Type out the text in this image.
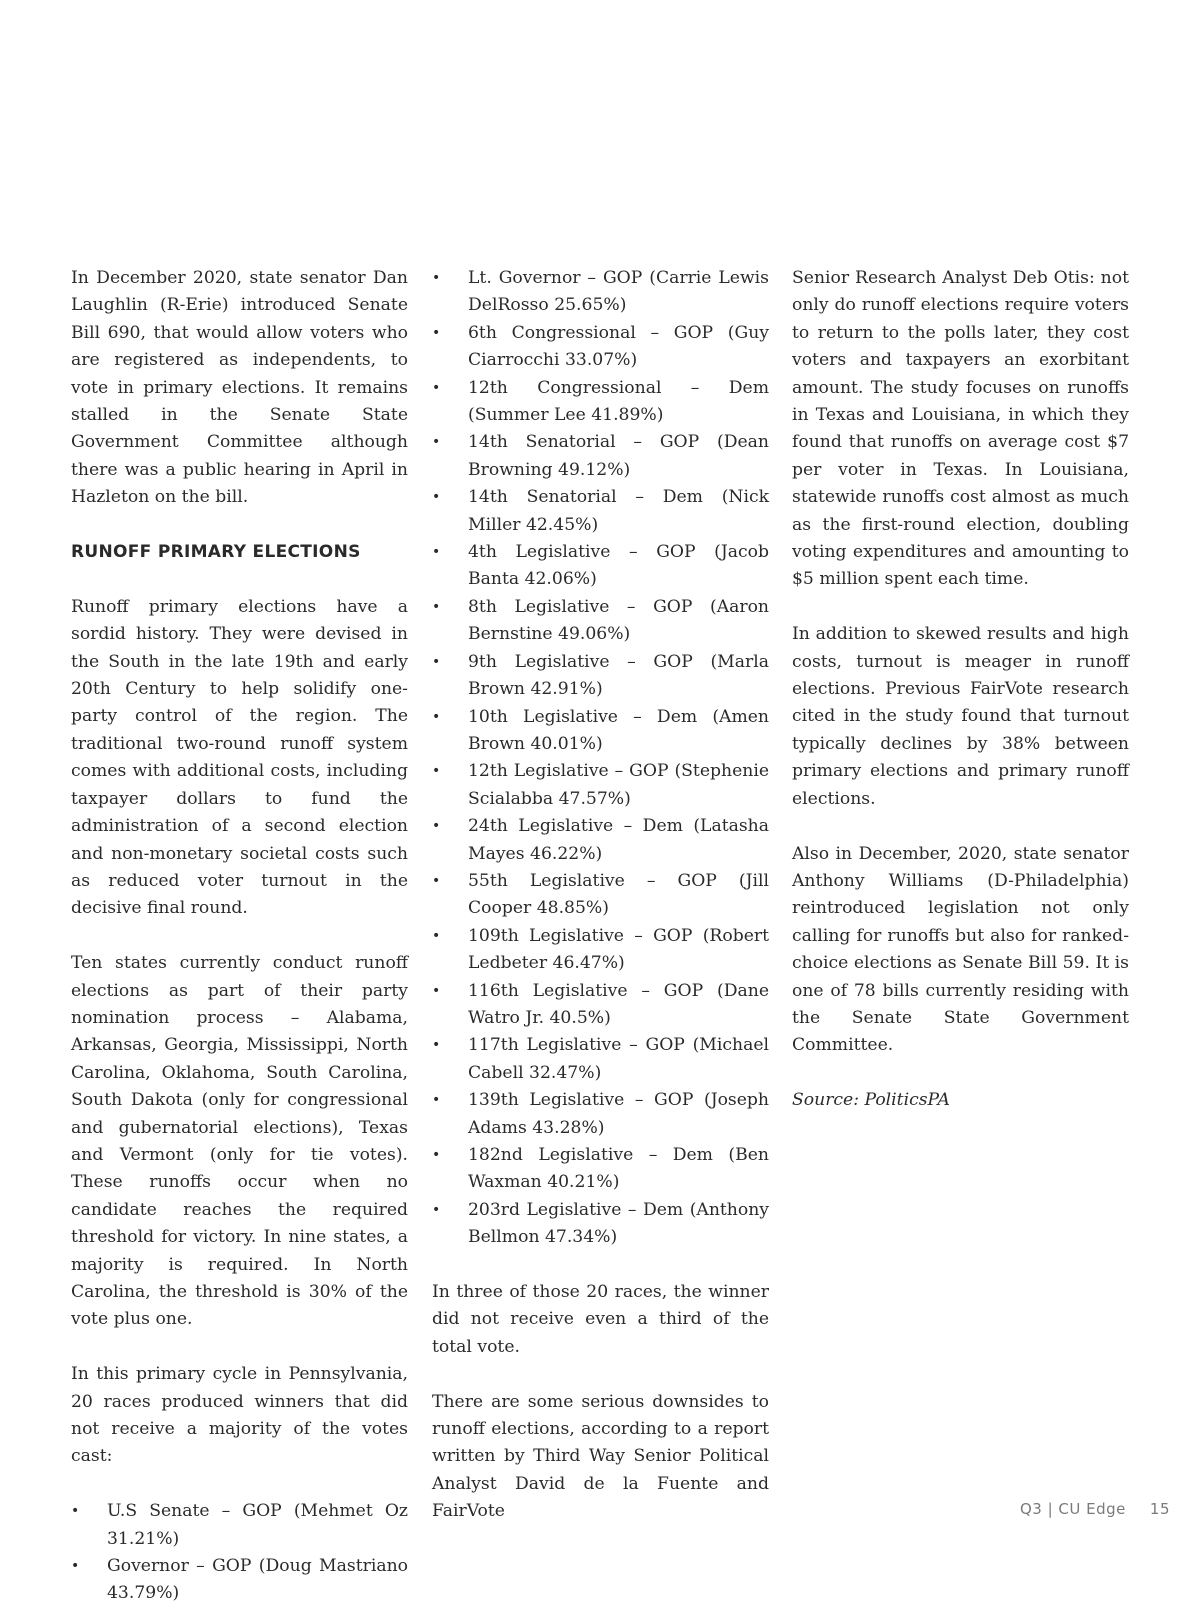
In December 2020, state senator Dan Laughlin (R-Erie) introduced Senate Bill 690, that would allow voters who are registered as independents, to vote in primary elections. It remains stalled in the Senate State Government Committee although there was a public hearing in April in Hazleton on the bill.

RUNOFF PRIMARY ELECTIONS

Runoff primary elections have a sordid history. They were devised in the South in the late 19th and early 20th Century to help solidify one-party control of the region. The traditional two-round runoff system comes with additional costs, including taxpayer dollars to fund the administration of a second election and non-monetary societal costs such as reduced voter turnout in the decisive final round.

Ten states currently conduct runoff elections as part of their party nomination process – Alabama, Arkansas, Georgia, Mississippi, North Carolina, Oklahoma, South Carolina, South Dakota (only for congressional and gubernatorial elections), Texas and Vermont (only for tie votes). These runoffs occur when no candidate reaches the required threshold for victory. In nine states, a majority is required. In North Carolina, the threshold is 30% of the vote plus one.

In this primary cycle in Pennsylvania, 20 races produced winners that did not receive a majority of the votes cast:

• U.S Senate – GOP (Mehmet Oz 31.21%)
• Governor – GOP (Doug Mastriano 43.79%)
• Lt. Governor – GOP (Carrie Lewis DelRosso 25.65%)
• 6th Congressional – GOP (Guy Ciarrocchi 33.07%)
• 12th Congressional – Dem (Summer Lee 41.89%)
• 14th Senatorial – GOP (Dean Browning 49.12%)
• 14th Senatorial – Dem (Nick Miller 42.45%)
• 4th Legislative – GOP (Jacob Banta 42.06%)
• 8th Legislative – GOP (Aaron Bernstine 49.06%)
• 9th Legislative – GOP (Marla Brown 42.91%)
• 10th Legislative – Dem (Amen Brown 40.01%)
• 12th Legislative – GOP (Stephenie Scialabba 47.57%)
• 24th Legislative – Dem (Latasha Mayes 46.22%)
• 55th Legislative – GOP (Jill Cooper 48.85%)
• 109th Legislative – GOP (Robert Ledbeter 46.47%)
• 116th Legislative – GOP (Dane Watro Jr. 40.5%)
• 117th Legislative – GOP (Michael Cabell 32.47%)
• 139th Legislative – GOP (Joseph Adams 43.28%)
• 182nd Legislative – Dem (Ben Waxman 40.21%)
• 203rd Legislative – Dem (Anthony Bellmon 47.34%)

In three of those 20 races, the winner did not receive even a third of the total vote.

There are some serious downsides to runoff elections, according to a report written by Third Way Senior Political Analyst David de la Fuente and FairVote

Senior Research Analyst Deb Otis: not only do runoff elections require voters to return to the polls later, they cost voters and taxpayers an exorbitant amount. The study focuses on runoffs in Texas and Louisiana, in which they found that runoffs on average cost $7 per voter in Texas. In Louisiana, statewide runoffs cost almost as much as the first-round election, doubling voting expenditures and amounting to $5 million spent each time.

In addition to skewed results and high costs, turnout is meager in runoff elections. Previous FairVote research cited in the study found that turnout typically declines by 38% between primary elections and primary runoff elections.

Also in December, 2020, state senator Anthony Williams (D-Philadelphia) reintroduced legislation not only calling for runoffs but also for ranked-choice elections as Senate Bill 59. It is one of 78 bills currently residing with the Senate State Government Committee.

Source: PoliticsPA

Q3 | CU Edge 15
